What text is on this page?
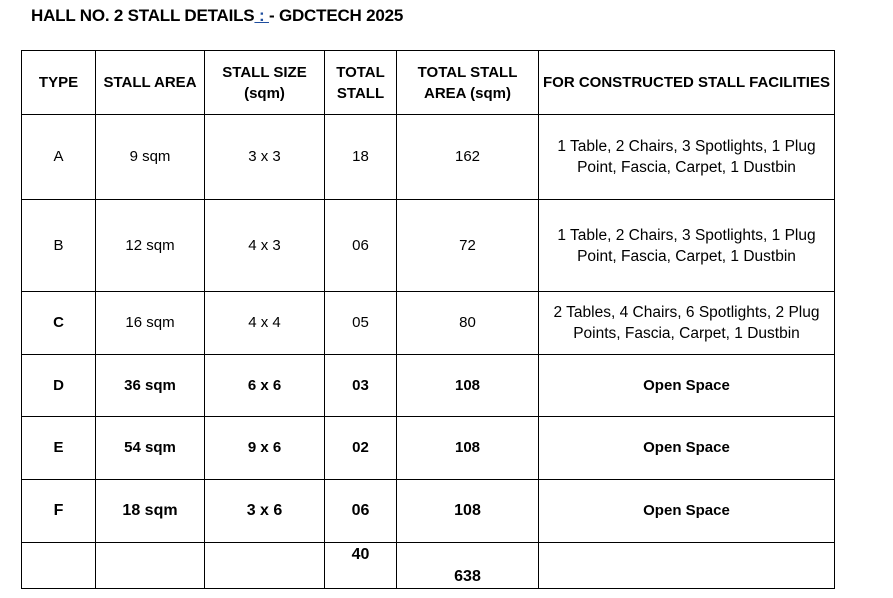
HALL NO. 2 STALL DETAILS : - GDCTECH 2025
TYPE	STALL AREA	STALL SIZE (sqm)	TOTAL STALL	TOTAL STALL AREA (sqm)	FOR CONSTRUCTED STALL FACILITIES
A	9 sqm	3 x 3	18	162	1 Table, 2 Chairs, 3 Spotlights, 1 Plug Point, Fascia, Carpet, 1 Dustbin
B	12 sqm	4 x 3	06	72	1 Table, 2 Chairs, 3 Spotlights, 1 Plug Point, Fascia, Carpet, 1 Dustbin
C	16 sqm	4 x 4	05	80	2 Tables, 4 Chairs, 6 Spotlights, 2 Plug Points, Fascia, Carpet, 1 Dustbin
D	36 sqm	6 x 6	03	108	Open Space
E	54 sqm	9 x 6	02	108	Open Space
F	18 sqm	3 x 6	06	108	Open Space
			40	638	
